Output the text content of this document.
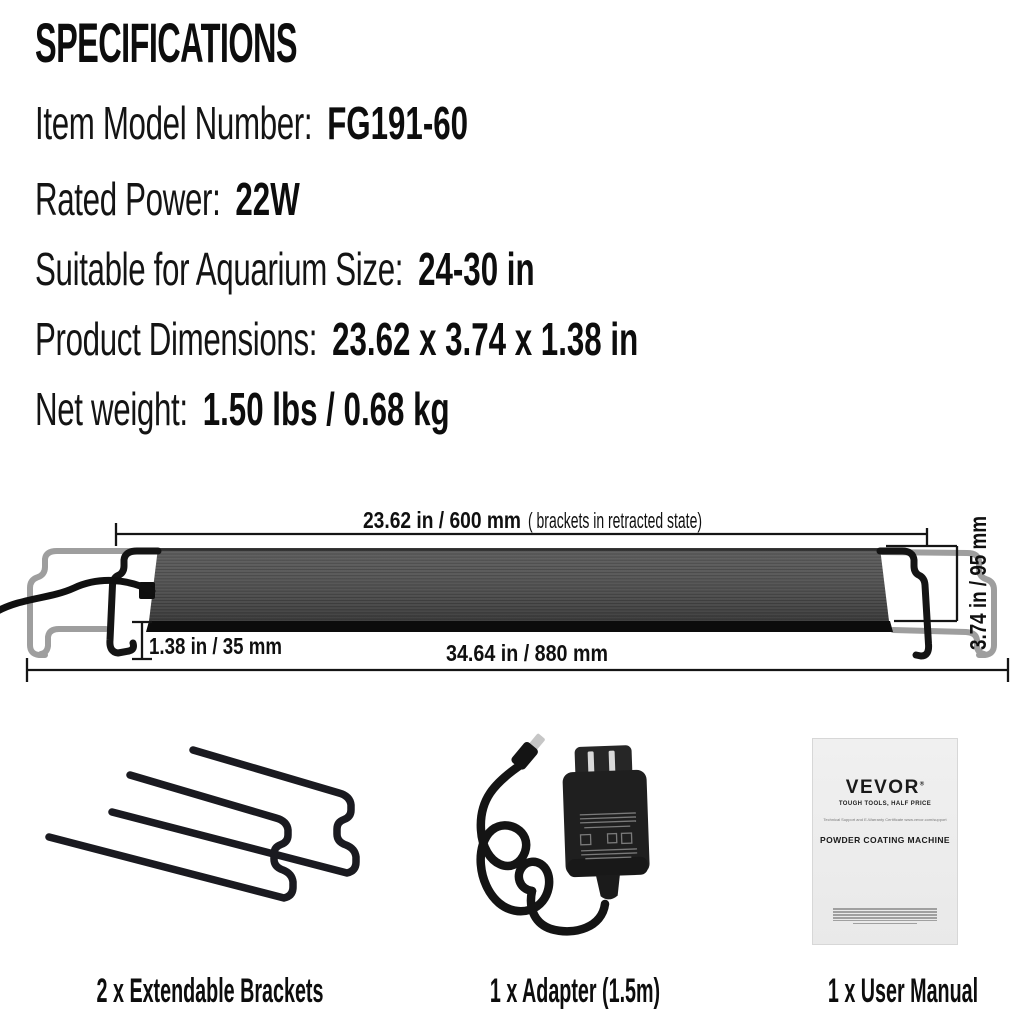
SPECIFICATIONS
Item Model Number: FG191-60
Rated Power: 22W
Suitable for Aquarium Size: 24-30 in
Product Dimensions: 23.62 x 3.74 x 1.38 in
Net weight: 1.50 lbs / 0.68 kg
23.62 in / 600 mm ( brackets in retracted state)
1.38 in / 35 mm	34.64 in / 880 mm
3.74 in / 95 mm
VEVOR®
TOUGH TOOLS, HALF PRICE
Technical Support and E-Warranty Certificate www.vevor.com/support
POWDER COATING MACHINE
2 x Extendable Brackets	1 x Adapter (1.5m)	1 x User Manual
